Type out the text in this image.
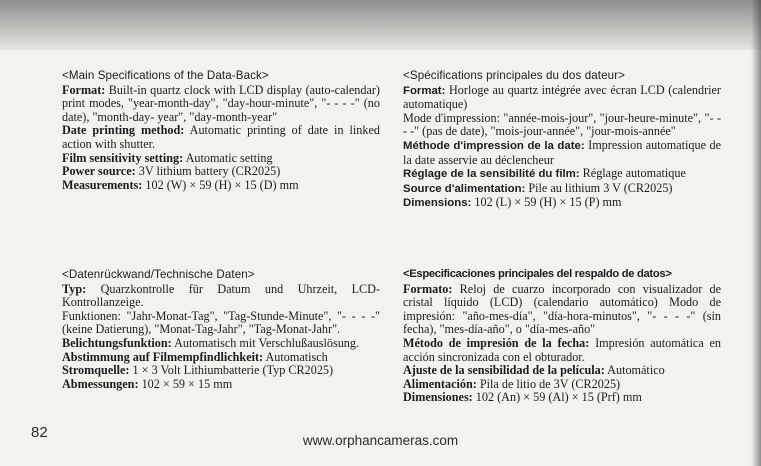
<Main Specifications of the Data-Back>

Format: Built-in quartz clock with LCD display (auto-calendar) print modes, "year-month-day", "day-hour-minute", "- - - -" (no date), "month-day- year", "day-month-year"

Date printing method: Automatic printing of date in linked action with shutter.

Film sensitivity setting: Automatic setting

Power source: 3V lithium battery (CR2025)

Measurements: 102 (W) × 59 (H) × 15 (D) mm

<Spécifications principales du dos dateur>

Format: Horloge au quartz intégrée avec écran LCD (calendrier automatique)

Mode d'impression: "année-mois-jour", "jour-heure-minute", "- - - -" (pas de date), "mois-jour-année", "jour-mois-année"

Méthode d'impression de la date: Impression automatique de la date asservie au déclencheur

Réglage de la sensibilité du film: Réglage automatique

Source d'alimentation: Pile au lithium 3 V (CR2025)

Dimensions: 102 (L) × 59 (H) × 15 (P) mm

<Datenrückwand/Technische Daten>

Typ: Quarzkontrolle für Datum und Uhrzeit, LCD-Kontrollanzeige.

Funktionen: "Jahr-Monat-Tag", "Tag-Stunde-Minute", "- - - -" (keine Datierung), "Monat-Tag-Jahr", "Tag-Monat-Jahr".

Belichtungsfunktion: Automatisch mit Verschlußauslösung.

Abstimmung auf Filmempfindlichkeit: Automatisch

Stromquelle: 1 × 3 Volt Lithiumbatterie (Typ CR2025)

Abmessungen: 102 × 59 × 15 mm

<Especificaciones principales del respaldo de datos>

Formato: Reloj de cuarzo incorporado con visualizador de cristal líquido (LCD) (calendario automático) Modo de impresión: "año-mes-día", "día-hora-minutos", "- - - -" (sin fecha), "mes-día-año", o "día-mes-año"

Método de impresión de la fecha: Impresión automática en acción sincronizada con el obturador.

Ajuste de la sensibilidad de la película: Automático

Alimentación: Pila de litio de 3V (CR2025)

Dimensiones: 102 (An) × 59 (Al) × 15 (Prf) mm

82	www.orphancameras.com
